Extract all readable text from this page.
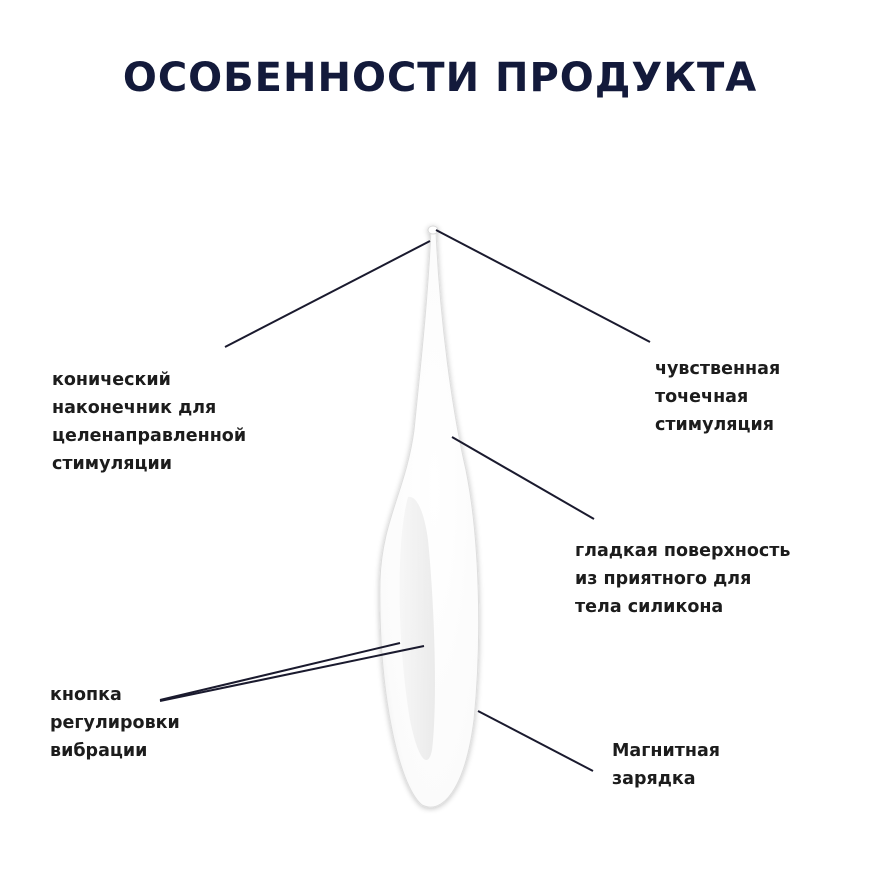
ОСОБЕННОСТИ ПРОДУКТА
конический
наконечник для
целенаправленной
стимуляции
чувственная
точечная
стимуляция
гладкая поверхность
из приятного для
тела силикона
кнопка
регулировки
вибрации	Магнитная
зарядка
